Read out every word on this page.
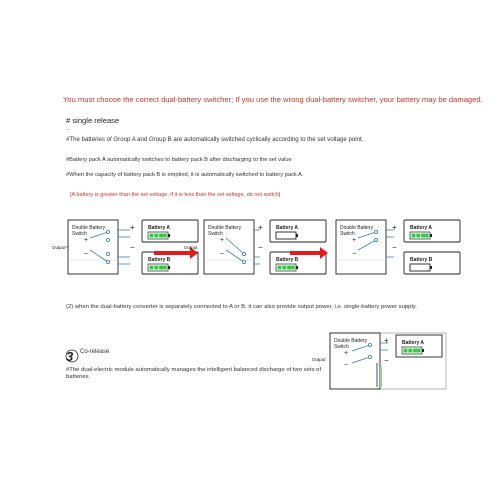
You must choose the correct dual-battery switcher; If you use the wrong dual-battery switcher, your battery may be damaged.
# single release
–
#The batteries of Group A and Group B are automatically switched cyclically according to the set voltage point.
#Battery pack A automatically switches to battery pack B after discharging to the set value
#When the capacity of battery pack B is emptied, it is automatically switched to battery pack A.
[A battery is greater than the set voltage, if it is less than the set voltage, do not switch]
Double Battery
Switch
+
−
+
−
Battery A
Battery B
Output	Output
Double Battery
Switch
+
−
+
−
Battery A
Battery B
Double Battery
Switch
+
−
+
−
Battery A
Battery B
Double Battery
Switch
+
−
+
−
Battery A
Output
(2) when the dual-battery converter is separately connected to A or B, it can also provide output power, i.e. single-battery power supply.
3 Co-release
#The dual-electric module automatically manages the intelligent balanced discharge of two sets of batteries.
